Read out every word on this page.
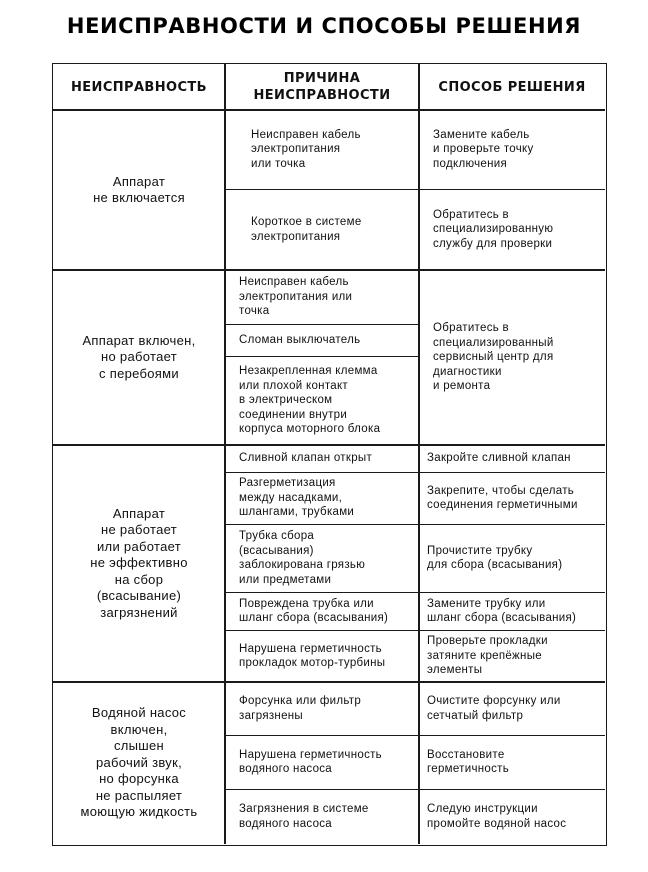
НЕИСПРАВНОСТИ И СПОСОБЫ РЕШЕНИЯ
НЕИСПРАВНОСТЬ
ПРИЧИНА
НЕИСПРАВНОСТИ
СПОСОБ РЕШЕНИЯ
Аппарат
не включается
Неисправен кабель
электропитания
или точка
Короткое в системе
электропитания
Замените кабель
и проверьте точку
подключения
Обратитесь в
специализированную
службу для проверки
Аппарат включен,
но работает
с перебоями
Неисправен кабель
электропитания или
точка
Сломан выключатель
Незакрепленная клемма
или плохой контакт
в электрическом
соединении внутри
корпуса моторного блока
Обратитесь в
специализированный
сервисный центр для
диагностики
и ремонта
Аппарат
не работает
или работает
не эффективно
на сбор
(всасывание)
загрязнений
Сливной клапан открыт
Разгерметизация
между насадками,
шлангами, трубками
Трубка сбора
(всасывания)
заблокирована грязью
или предметами
Повреждена трубка или
шланг сбора (всасывания)
Нарушена герметичность
прокладок мотор-турбины
Закройте сливной клапан
Закрепите, чтобы сделать
соединения герметичными
Прочистите трубку
для сбора (всасывания)
Замените трубку или
шланг сбора (всасывания)
Проверьте прокладки
затяните крепёжные
элементы
Водяной насос
включен,
слышен
рабочий звук,
но форсунка
не распыляет
моющую жидкость
Форсунка или фильтр
загрязнены
Нарушена герметичность
водяного насоса
Загрязнения в системе
водяного насоса
Очистите форсунку или
сетчатый фильтр
Восстановите
герметичность
Следую инструкции
промойте водяной насос
